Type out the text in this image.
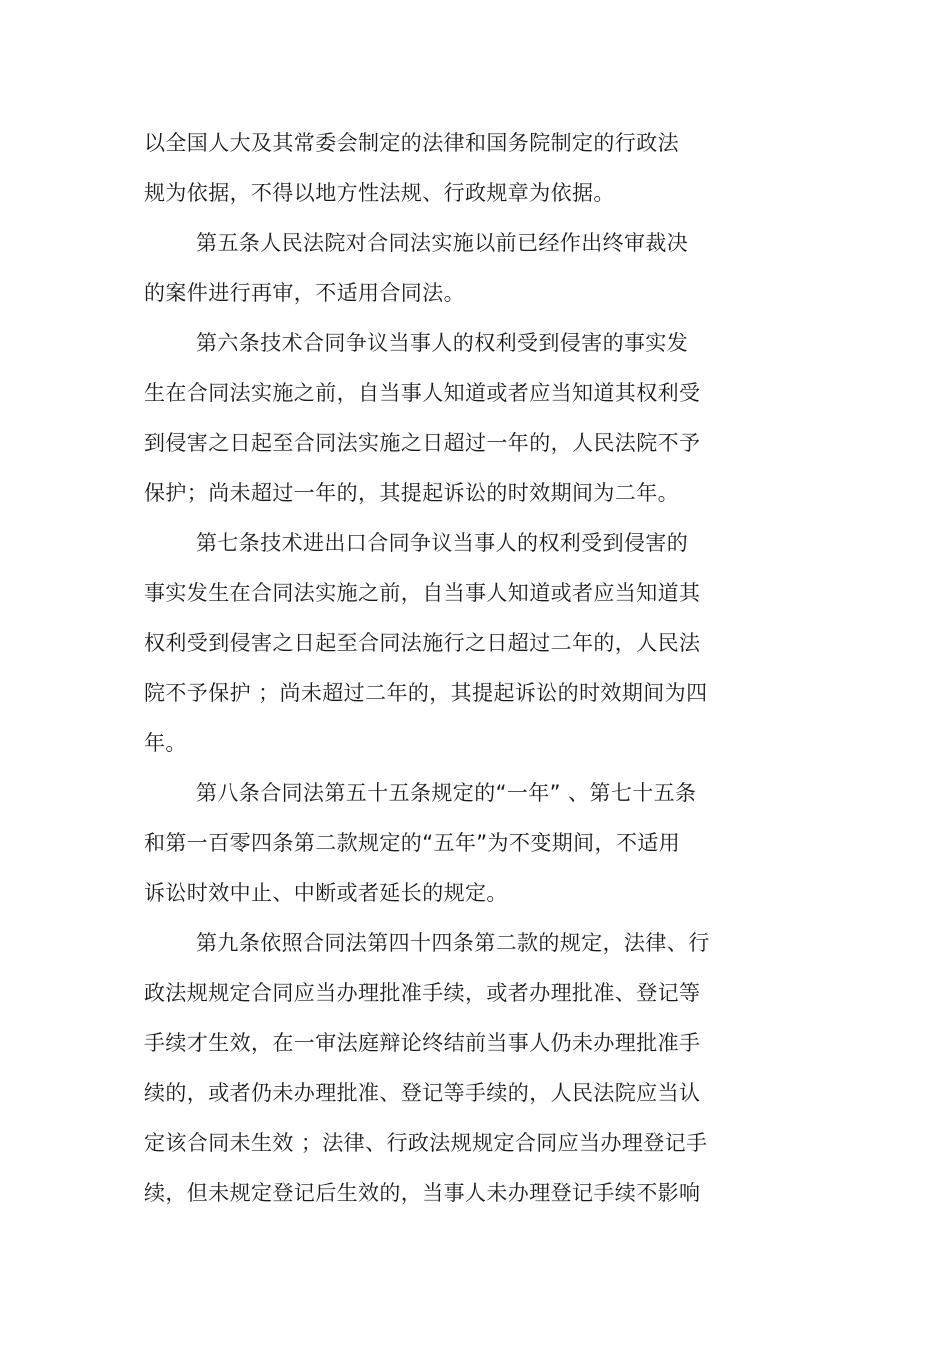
以全国人大及其常委会制定的法律和国务院制定的行政法

规为依据，不得以地方性法规、行政规章为依据。

第五条人民法院对合同法实施以前已经作出终审裁决

的案件进行再审，不适用合同法。

第六条技术合同争议当事人的权利受到侵害的事实发

生在合同法实施之前，自当事人知道或者应当知道其权利受

到侵害之日起至合同法实施之日超过一年的，人民法院不予

保护；尚未超过一年的，其提起诉讼的时效期间为二年。

第七条技术进出口合同争议当事人的权利受到侵害的

事实发生在合同法实施之前，自当事人知道或者应当知道其

权利受到侵害之日起至合同法施行之日超过二年的，人民法

院不予保护 ；尚未超过二年的，其提起诉讼的时效期间为四

年。

第八条合同法第五十五条规定的“一年” 、第七十五条

和第一百零四条第二款规定的“五年”为不变期间，不适用

诉讼时效中止、中断或者延长的规定。

第九条依照合同法第四十四条第二款的规定，法律、行

政法规规定合同应当办理批准手续，或者办理批准、登记等

手续才生效，在一审法庭辩论终结前当事人仍未办理批准手

续的，或者仍未办理批准、登记等手续的，人民法院应当认

定该合同未生效 ；法律、行政法规规定合同应当办理登记手

续，但未规定登记后生效的，当事人未办理登记手续不影响
